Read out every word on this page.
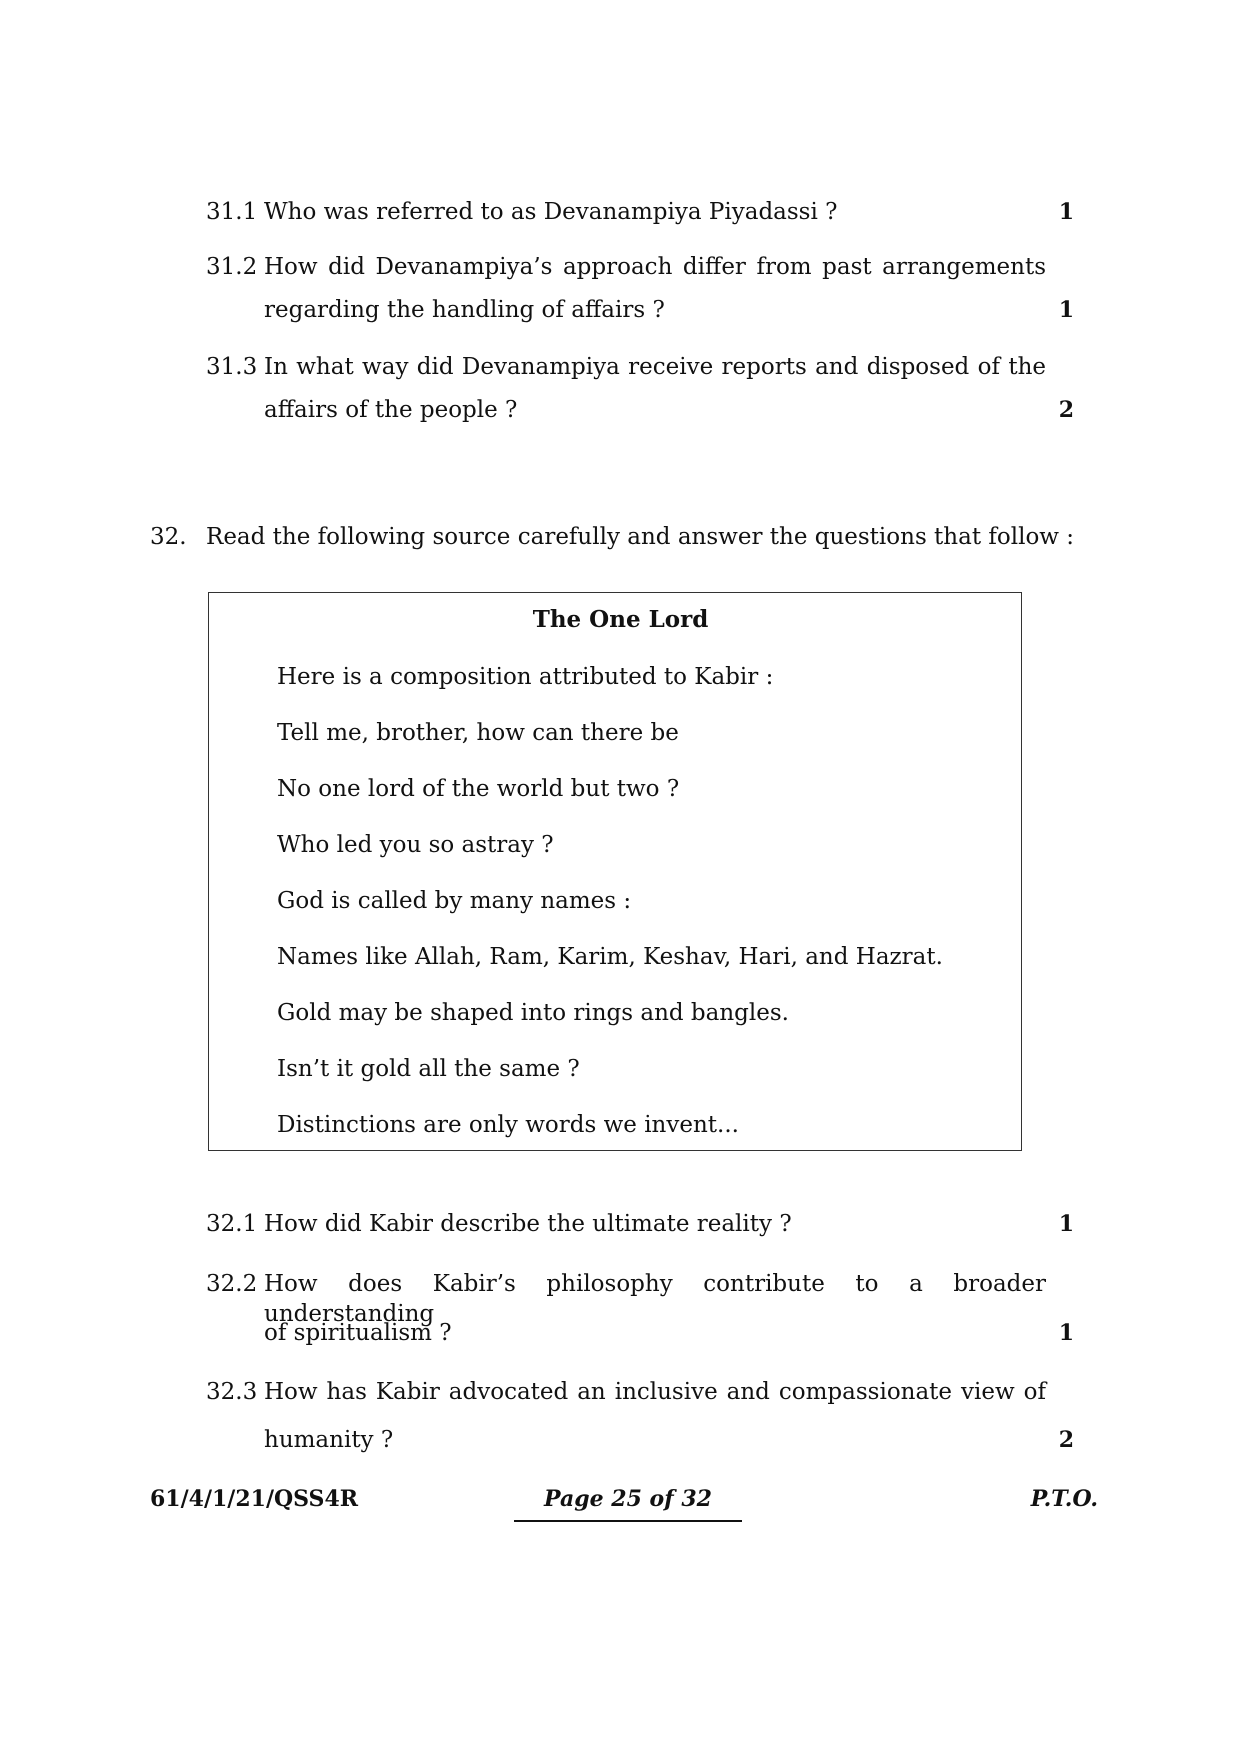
31.1 Who was referred to as Devanampiya Piyadassi ?	1
31.2 How did Devanampiya’s approach differ from past arrangements
regarding the handling of affairs ?	1
31.3 In what way did Devanampiya receive reports and disposed of the
affairs of the people ?	2
32. Read the following source carefully and answer the questions that follow :
The One Lord
Here is a composition attributed to Kabir :
Tell me, brother, how can there be
No one lord of the world but two ?
Who led you so astray ?
God is called by many names :
Names like Allah, Ram, Karim, Keshav, Hari, and Hazrat.
Gold may be shaped into rings and bangles.
Isn’t it gold all the same ?
Distinctions are only words we invent...
32.1 How did Kabir describe the ultimate reality ?	1
32.2 How does Kabir’s philosophy contribute to a broader understanding
of spiritualism ?	1
32.3 How has Kabir advocated an inclusive and compassionate view of
humanity ?	2
61/4/1/21/QSS4R	Page 25 of 32	P.T.O.
